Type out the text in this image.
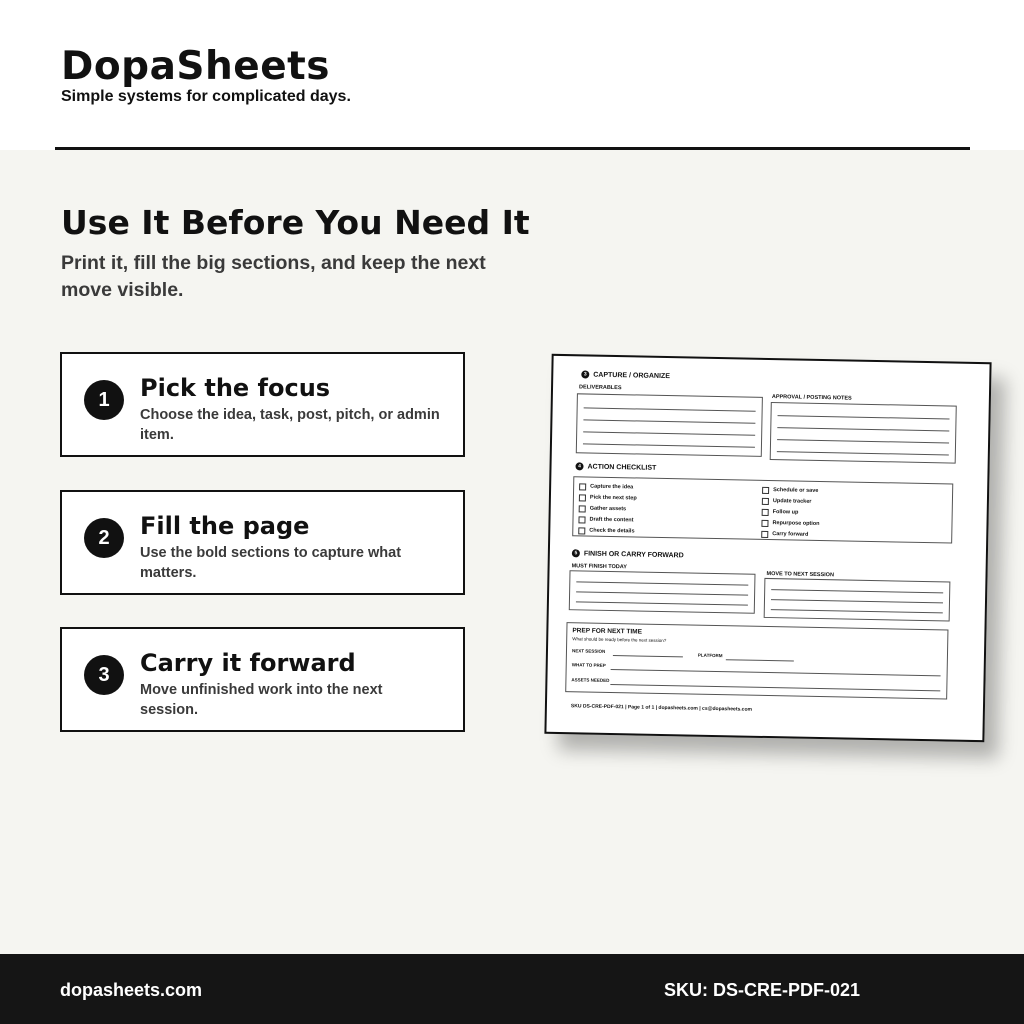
DopaSheets
Simple systems for complicated days.
Use It Before You Need It
Print it, fill the big sections, and keep the next move visible.
1	Pick the focus
Choose the idea, task, post, pitch, or admin item.
2	Fill the page
Use the bold sections to capture what matters.
3	Carry it forward
Move unfinished work into the next session.
3 CAPTURE / ORGANIZE
DELIVERABLES
APPROVAL / POSTING NOTES
4 ACTION CHECKLIST
Capture the idea
Pick the next step
Gather assets
Draft the content
Check the details
Schedule or save
Update tracker
Follow up
Repurpose option
Carry forward
5 FINISH OR CARRY FORWARD
MUST FINISH TODAY
MOVE TO NEXT SESSION
PREP FOR NEXT TIME
What should be ready before the next session?
NEXT SESSION
PLATFORM
WHAT TO PREP
ASSETS NEEDED
SKU DS-CRE-PDF-021 | Page 1 of 1 | dopasheets.com | cs@dopasheets.com
dopasheets.com	SKU: DS-CRE-PDF-021
